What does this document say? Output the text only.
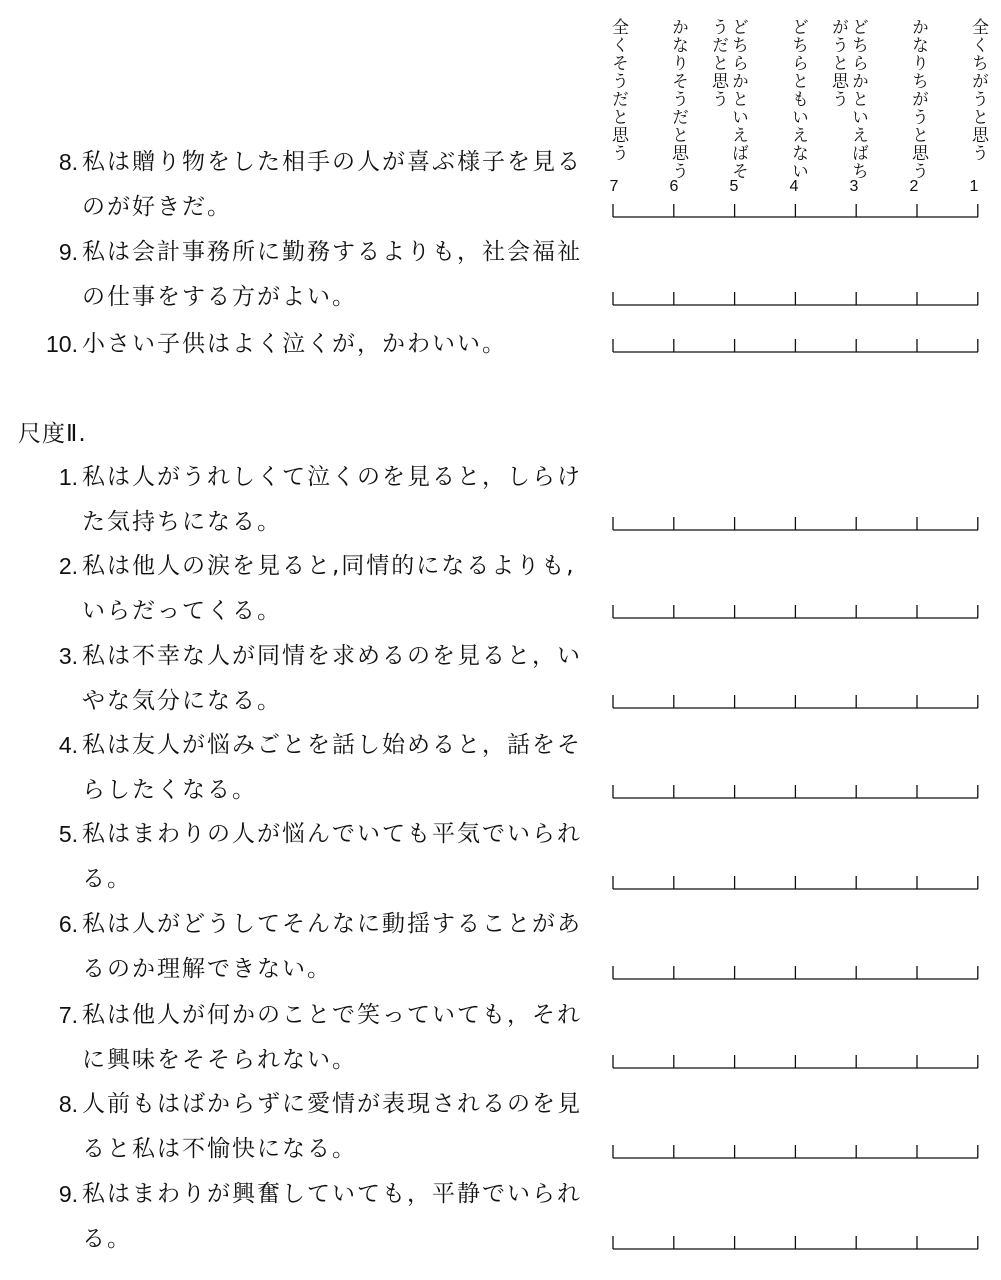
全くそうだと思う
7
かなりそうだと思う
6
どちらかといえばそうだと思う
5
どちらともいえない
4
どちらかといえばちがうと思う
3
かなりちがうと思う
2
全くちがうと思う
1
8. 私は贈り物をした相手の人が喜ぶ様子を見るのが好きだ。
9. 私は会計事務所に勤務するよりも，社会福祉の仕事をする方がよい。
10. 小さい子供はよく泣くが，かわいい。
尺度Ⅱ.
1. 私は人がうれしくて泣くのを見ると，しらけた気持ちになる。
2. 私は他人の涙を見ると,同情的になるよりも,いらだってくる。
3. 私は不幸な人が同情を求めるのを見ると，いやな気分になる。
4. 私は友人が悩みごとを話し始めると，話をそらしたくなる。
5. 私はまわりの人が悩んでいても平気でいられる。
6. 私は人がどうしてそんなに動揺することがあるのか理解できない。
7. 私は他人が何かのことで笑っていても，それに興味をそそられない。
8. 人前もはばからずに愛情が表現されるのを見ると私は不愉快になる。
9. 私はまわりが興奮していても，平静でいられる。
